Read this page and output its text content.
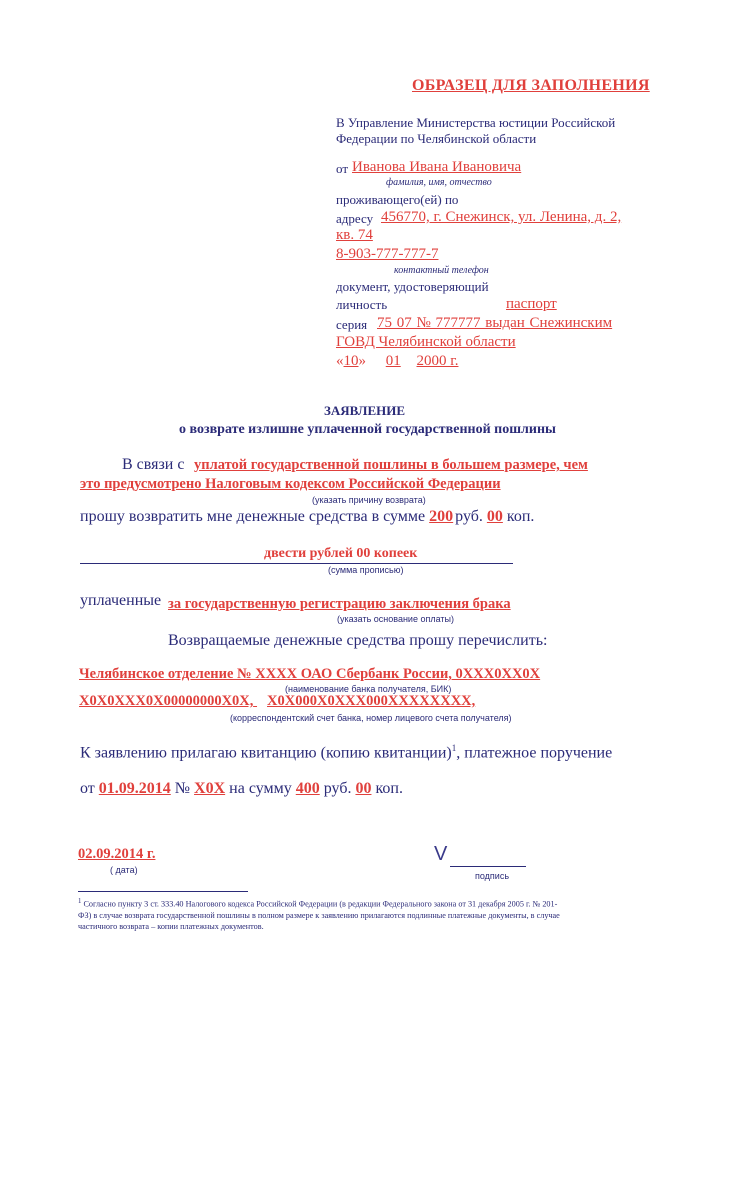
ОБРАЗЕЦ ДЛЯ ЗАПОЛНЕНИЯ
В Управление Министерства юстиции Российской
Федерации по Челябинской области
от Иванова Ивана Ивановича
фамилия, имя, отчество
проживающего(ей) по
адресу 456770, г. Снежинск, ул. Ленина, д. 2,
кв. 74
8-903-777-777-7
контактный телефон
документ, удостоверяющий
личность	паспорт
серия 75 07 № 777777 выдан Снежинским
ГОВД Челябинской области
«10» 01 2000 г.
ЗАЯВЛЕНИЕ
о возврате излишне уплаченной государственной пошлины
В связи с уплатой государственной пошлины в большем размере, чем
это предусмотрено Налоговым кодексом Российской Федерации
(указать причину возврата)
прошу возвратить мне денежные средства в сумме 200 руб. 00 коп.
двести рублей 00 копеек
(сумма прописью)
уплаченные за государственную регистрацию заключения брака
(указать основание оплаты)
Возвращаемые денежные средства прошу перечислить:
Челябинское отделение № XXXX ОАО Сбербанк России, 0XXX0XX0X
(наименование банка получателя, БИК)
X0X0XXX0X00000000X0X, X0X000X0XXX000XXXXXXXX,
(корреспондентский счет банка, номер лицевого счета получателя)
К заявлению прилагаю квитанцию (копию квитанции)$^1$, платежное поручение
от 01.09.2014 № X0X на сумму 400 руб. 00 коп.
02.09.2014 г.
( дата)
V
подпись
$^1$ Согласно пункту 3 ст. 333.40 Налогового кодекса Российской Федерации (в редакции Федерального закона от 31 декабря 2005 г. № 201-
ФЗ) в случае возврата государственной пошлины в полном размере к заявлению прилагаются подлинные платежные документы, в случае
частичного возврата – копии платежных документов.
